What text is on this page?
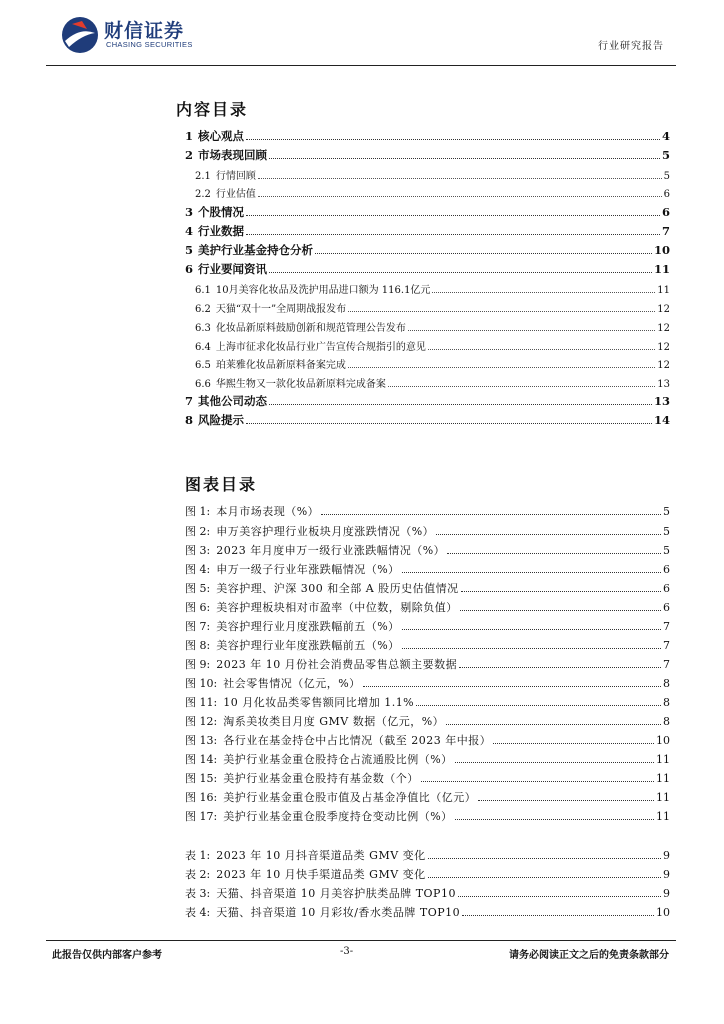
财信证券
CHASING SECURITIES	行业研究报告
内容目录
1 核心观点	4
2 市场表现回顾	5
2.1 行情回顾	5
2.2 行业估值	6
3 个股情况	6
4 行业数据	7
5 美护行业基金持仓分析	10
6 行业要闻资讯	11
6.1 10月美容化妆品及洗护用品进口额为 116.1亿元	11
6.2 天猫“双十一”全周期战报发布	12
6.3 化妆品新原料鼓励创新和规范管理公告发布	12
6.4 上海市征求化妆品行业广告宣传合规指引的意见	12
6.5 珀莱雅化妆品新原料备案完成	12
6.6 华熙生物又一款化妆品新原料完成备案	13
7 其他公司动态	13
8 风险提示	14
图表目录
图 1: 本月市场表现（%）	5
图 2: 申万美容护理行业板块月度涨跌情况（%）	5
图 3: 2023 年月度申万一级行业涨跌幅情况（%）	5
图 4: 申万一级子行业年涨跌幅情况（%）	6
图 5: 美容护理、沪深 300 和全部 A 股历史估值情况	6
图 6: 美容护理板块相对市盈率（中位数，剔除负值）	6
图 7: 美容护理行业月度涨跌幅前五（%）	7
图 8: 美容护理行业年度涨跌幅前五（%）	7
图 9: 2023 年 10 月份社会消费品零售总额主要数据	7
图 10: 社会零售情况（亿元，%）	8
图 11: 10 月化妆品类零售额同比增加 1.1%	8
图 12: 淘系美妆类目月度 GMV 数据（亿元，%）	8
图 13: 各行业在基金持仓中占比情况（截至 2023 年中报）	10
图 14: 美护行业基金重仓股持仓占流通股比例（%）	11
图 15: 美护行业基金重仓股持有基金数（个）	11
图 16: 美护行业基金重仓股市值及占基金净值比（亿元）	11
图 17: 美护行业基金重仓股季度持仓变动比例（%）	11
表 1: 2023 年 10 月抖音渠道品类 GMV 变化	9
表 2: 2023 年 10 月快手渠道品类 GMV 变化	9
表 3: 天猫、抖音渠道 10 月美容护肤类品牌 TOP10	9
表 4: 天猫、抖音渠道 10 月彩妆/香水类品牌 TOP10	10
此报告仅供内部客户参考	-3-	请务必阅读正文之后的免责条款部分
